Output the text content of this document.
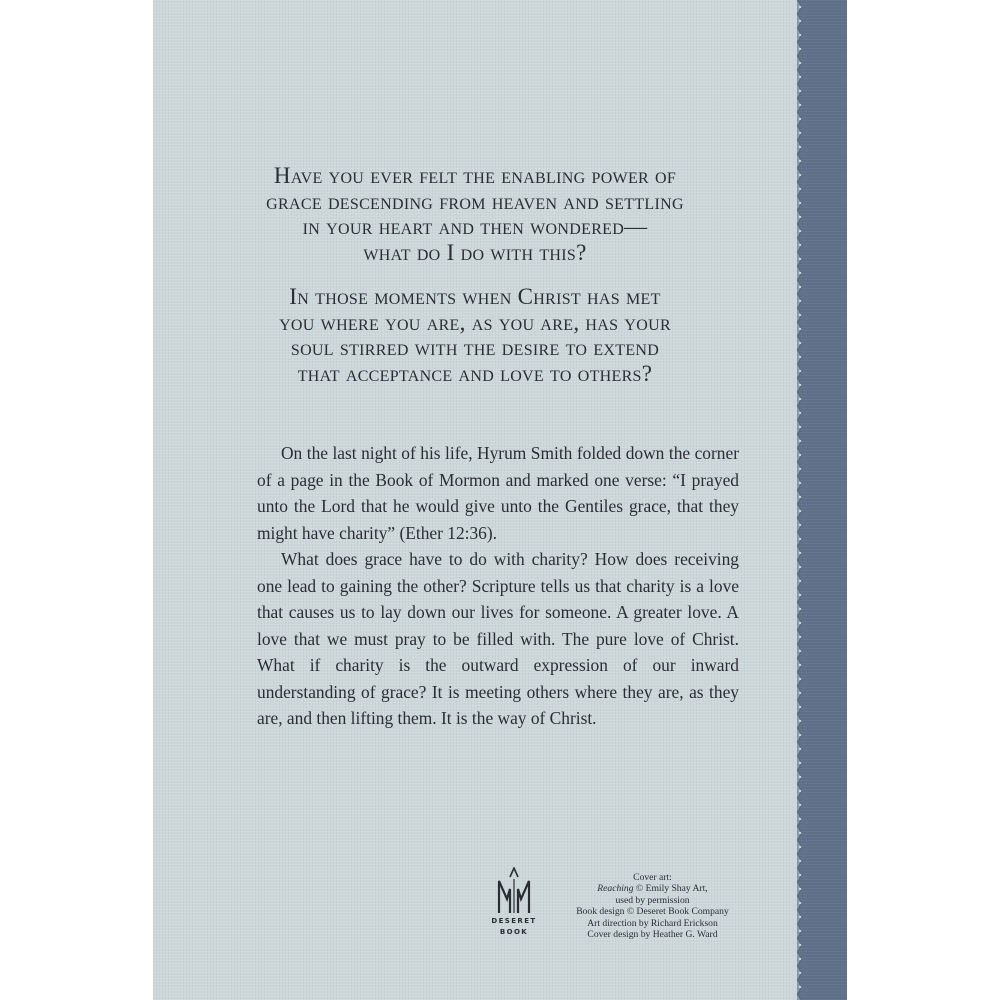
Have you ever felt the enabling power of
grace descending from heaven and settling
in your heart and then wondered—
what do I do with this?
In those moments when Christ has met
you where you are, as you are, has your
soul stirred with the desire to extend
that acceptance and love to others?

On the last night of his life, Hyrum Smith folded down the corner of a page in the Book of Mormon and marked one verse: “I prayed unto the Lord that he would give unto the Gentiles grace, that they might have charity” (Ether 12:36).

What does grace have to do with charity? How does receiving one lead to gaining the other? Scripture tells us that charity is a love that causes us to lay down our lives for someone. A greater love. A love that we must pray to be filled with. The pure love of Christ. What if charity is the outward expression of our inward understanding of grace? It is meeting others where they are, as they are, and then lifting them. It is the way of Christ.

DESERET
BOOK
Cover art:
Reaching © Emily Shay Art,
used by permission
Book design © Deseret Book Company
Art direction by Richard Erickson
Cover design by Heather G. Ward
